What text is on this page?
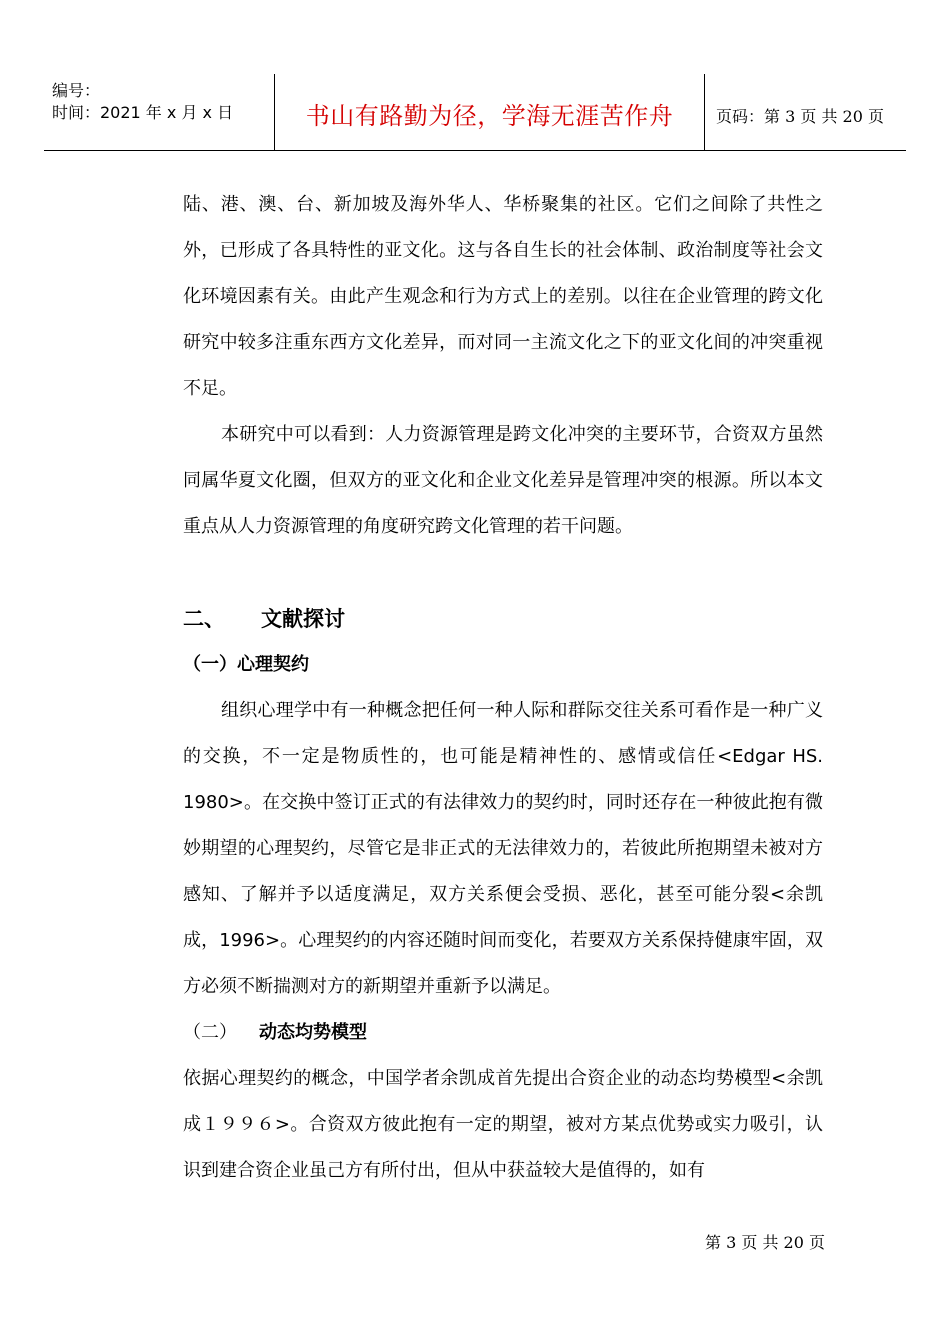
编号：
时间：2021 年 x 月 x 日	书山有路勤为径，学海无涯苦作舟	页码：第 3 页 共 20 页

陆、港、澳、台、新加坡及海外华人、华桥聚集的社区。它们之间除了共性之外，已形成了各具特性的亚文化。这与各自生长的社会体制、政治制度等社会文化环境因素有关。由此产生观念和行为方式上的差别。以往在企业管理的跨文化研究中较多注重东西方文化差异，而对同一主流文化之下的亚文化间的冲突重视不足。

本研究中可以看到：人力资源管理是跨文化冲突的主要环节，合资双方虽然同属华夏文化圈，但双方的亚文化和企业文化差异是管理冲突的根源。所以本文重点从人力资源管理的角度研究跨文化管理的若干问题。

二、 文献探讨

（一）心理契约

组织心理学中有一种概念把任何一种人际和群际交往关系可看作是一种广义的交换，不一定是物质性的，也可能是精神性的、感情或信任<Edgar HS. 1980>。在交换中签订正式的有法律效力的契约时，同时还存在一种彼此抱有微妙期望的心理契约，尽管它是非正式的无法律效力的，若彼此所抱期望未被对方感知、了解并予以适度满足，双方关系便会受损、恶化，甚至可能分裂<余凯成，1996>。心理契约的内容还随时间而变化，若要双方关系保持健康牢固，双方必须不断揣测对方的新期望并重新予以满足。

（二） 动态均势模型

依据心理契约的概念，中国学者余凯成首先提出合资企业的动态均势模型<余凯成１９９６>。合资双方彼此抱有一定的期望，被对方某点优势或实力吸引，认识到建合资企业虽己方有所付出，但从中获益较大是值得的，如有

第 3 页 共 20 页
